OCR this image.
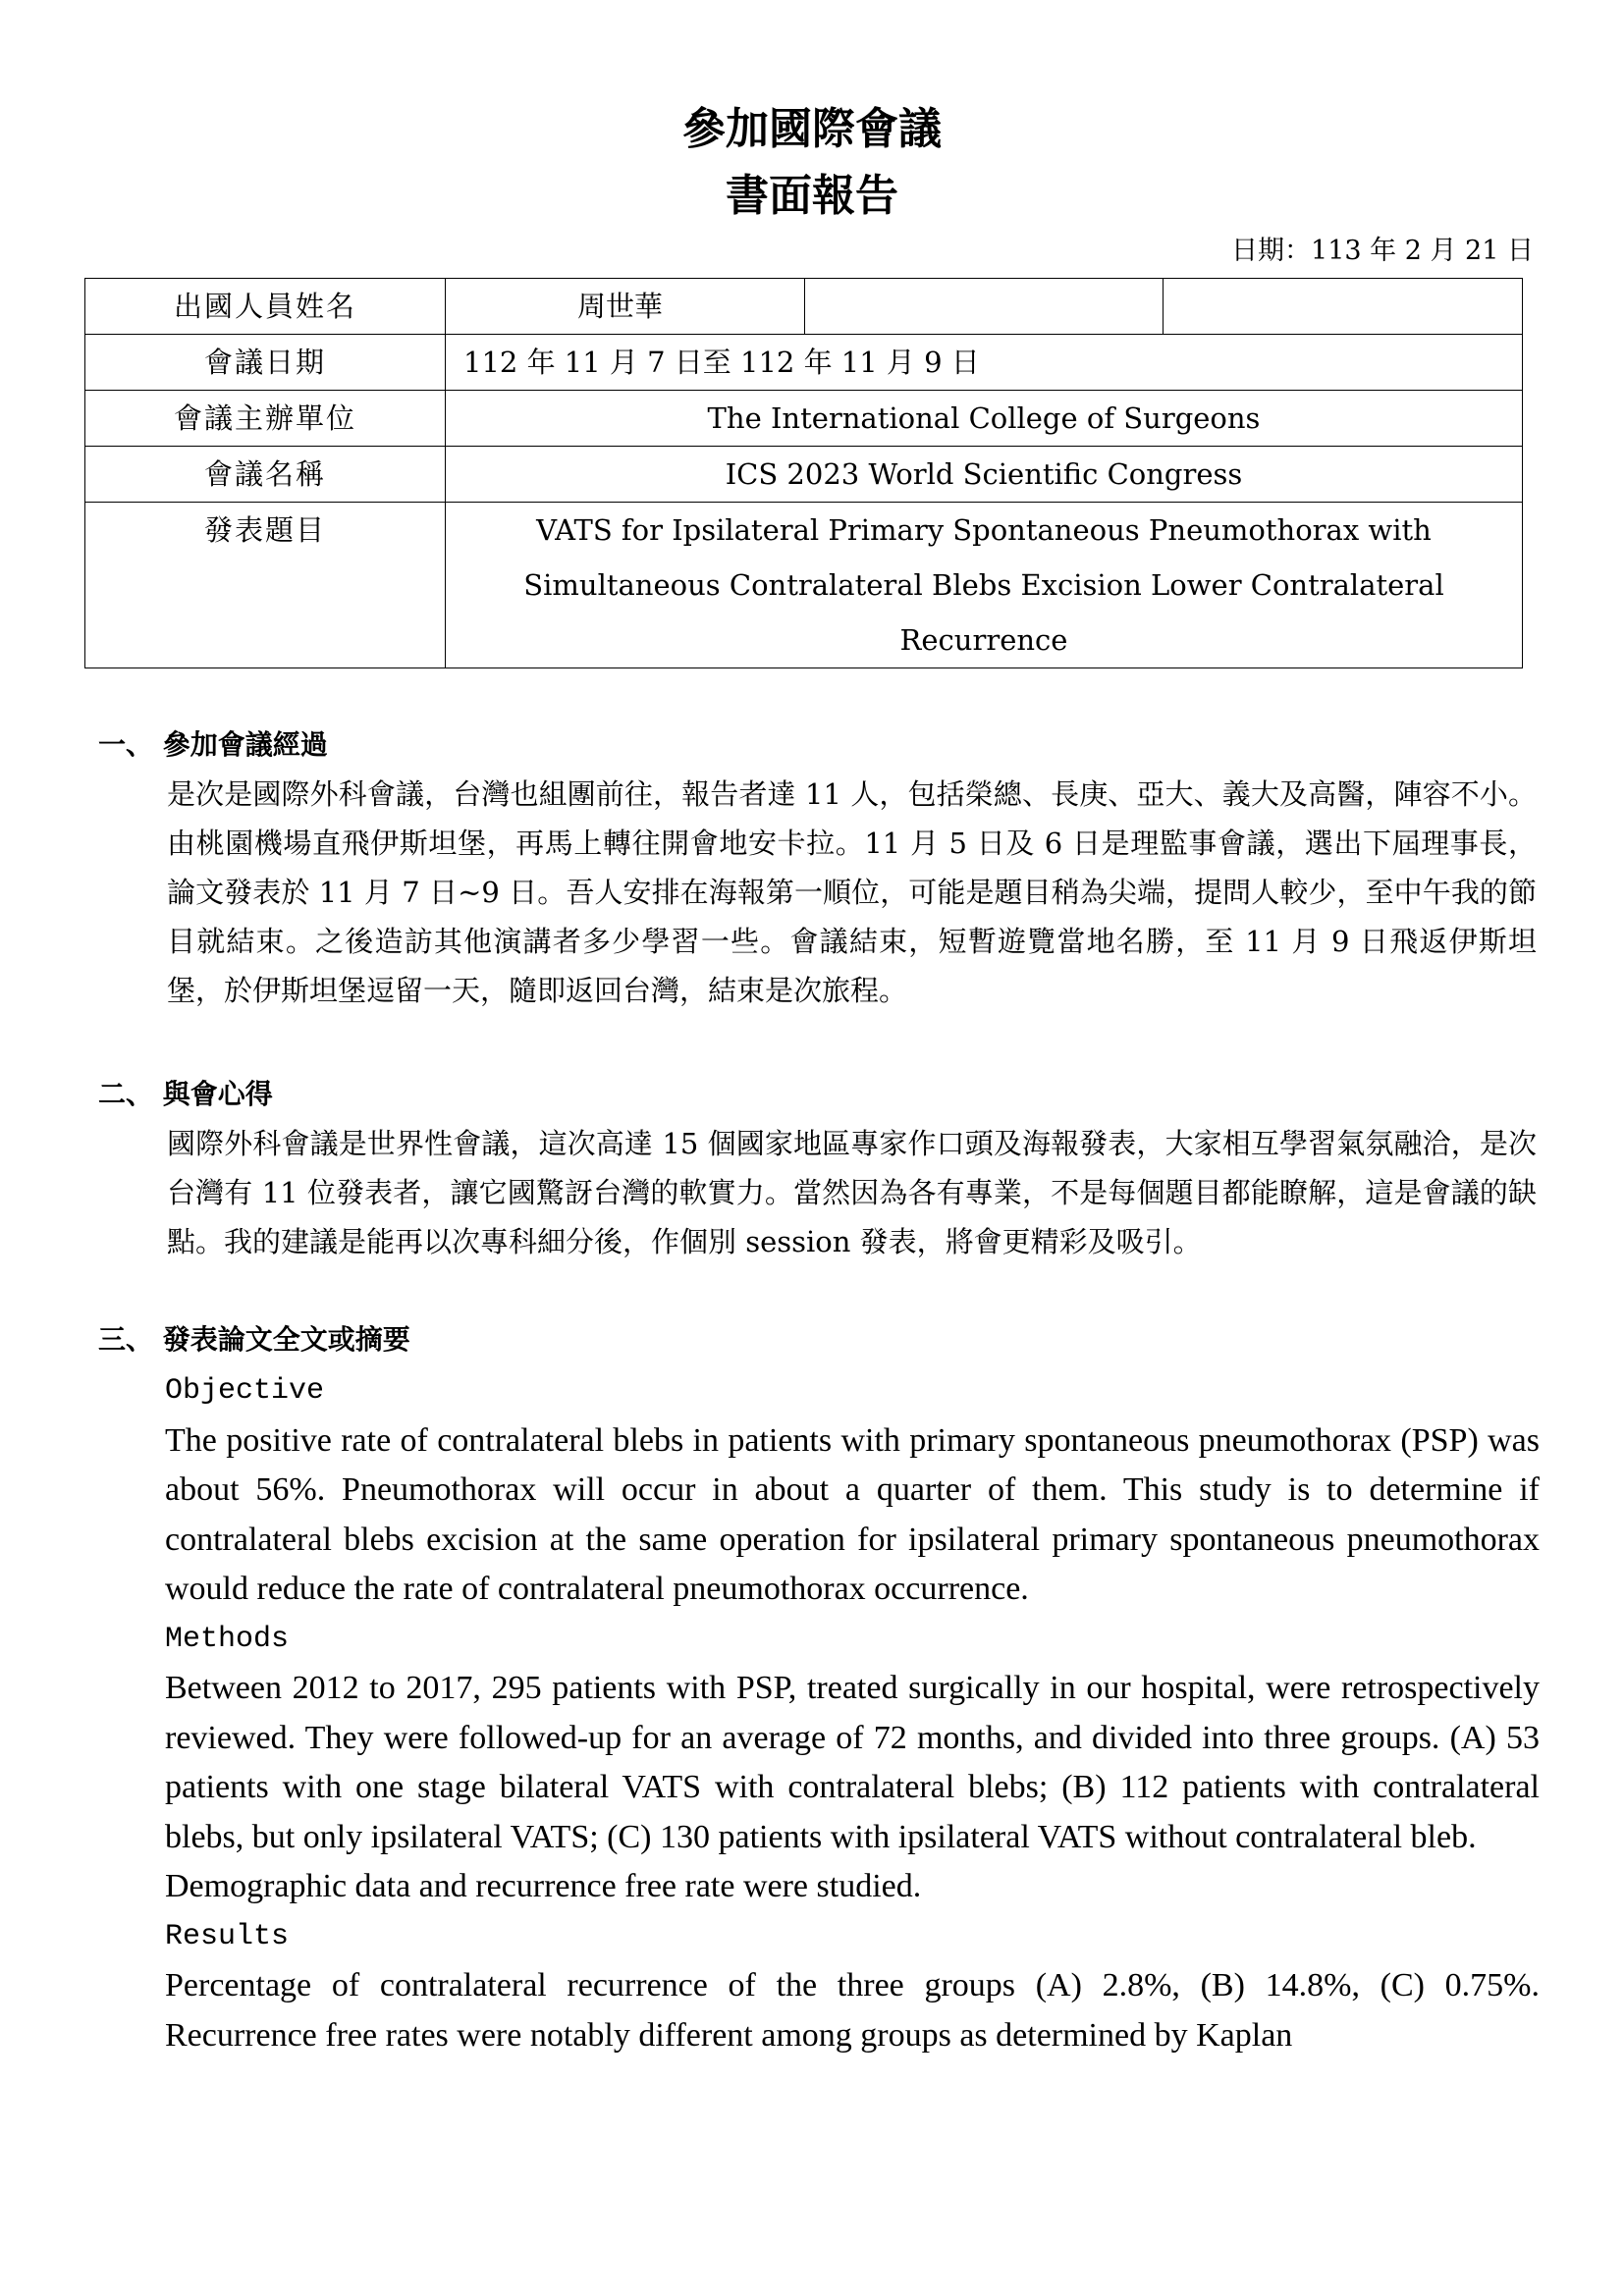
參加國際會議
書面報告
日期：113 年 2 月 21 日
出國人員姓名	周世華		
會議日期	112 年 11 月 7 日至 112 年 11 月 9 日		
會議主辦單位	The International College of Surgeons		
會議名稱	ICS 2023 World Scientific Congress		
發表題目	VATS for Ipsilateral Primary Spontaneous Pneumothorax with
Simultaneous Contralateral Blebs Excision Lower Contralateral
Recurrence		
一、 參加會議經過

是次是國際外科會議，台灣也組團前往，報告者達 11 人，包括榮總、長庚、亞大、義大及高醫，陣容不小。由桃園機場直飛伊斯坦堡，再馬上轉往開會地安卡拉。11 月 5 日及 6 日是理監事會議，選出下屆理事長，論文發表於 11 月 7 日~9 日。吾人安排在海報第一順位，可能是題目稍為尖端，提問人較少，至中午我的節目就結束。之後造訪其他演講者多少學習一些。會議結束，短暫遊覽當地名勝，至 11 月 9 日飛返伊斯坦堡，於伊斯坦堡逗留一天，隨即返回台灣，結束是次旅程。

二、 與會心得

國際外科會議是世界性會議，這次高達 15 個國家地區專家作口頭及海報發表，大家相互學習氣氛融洽，是次台灣有 11 位發表者，讓它國驚訝台灣的軟實力。當然因為各有專業，不是每個題目都能瞭解，這是會議的缺點。我的建議是能再以次專科細分後，作個別 session 發表，將會更精彩及吸引。

三、 發表論文全文或摘要

Objective

The positive rate of contralateral blebs in patients with primary spontaneous pneumothorax (PSP) was about 56%. Pneumothorax will occur in about a quarter of them. This study is to determine if contralateral blebs excision at the same operation for ipsilateral primary spontaneous pneumothorax would reduce the rate of contralateral pneumothorax occurrence.

Methods

Between 2012 to 2017, 295 patients with PSP, treated surgically in our hospital, were retrospectively reviewed. They were followed-up for an average of 72 months, and divided into three groups. (A) 53 patients with one stage bilateral VATS with contralateral blebs; (B) 112 patients with contralateral blebs, but only ipsilateral VATS; (C) 130 patients with ipsilateral VATS without contralateral bleb.

Demographic data and recurrence free rate were studied.

Results

Percentage of contralateral recurrence of the three groups (A) 2.8%, (B) 14.8%, (C) 0.75%. Recurrence free rates were notably different among groups as determined by Kaplan
